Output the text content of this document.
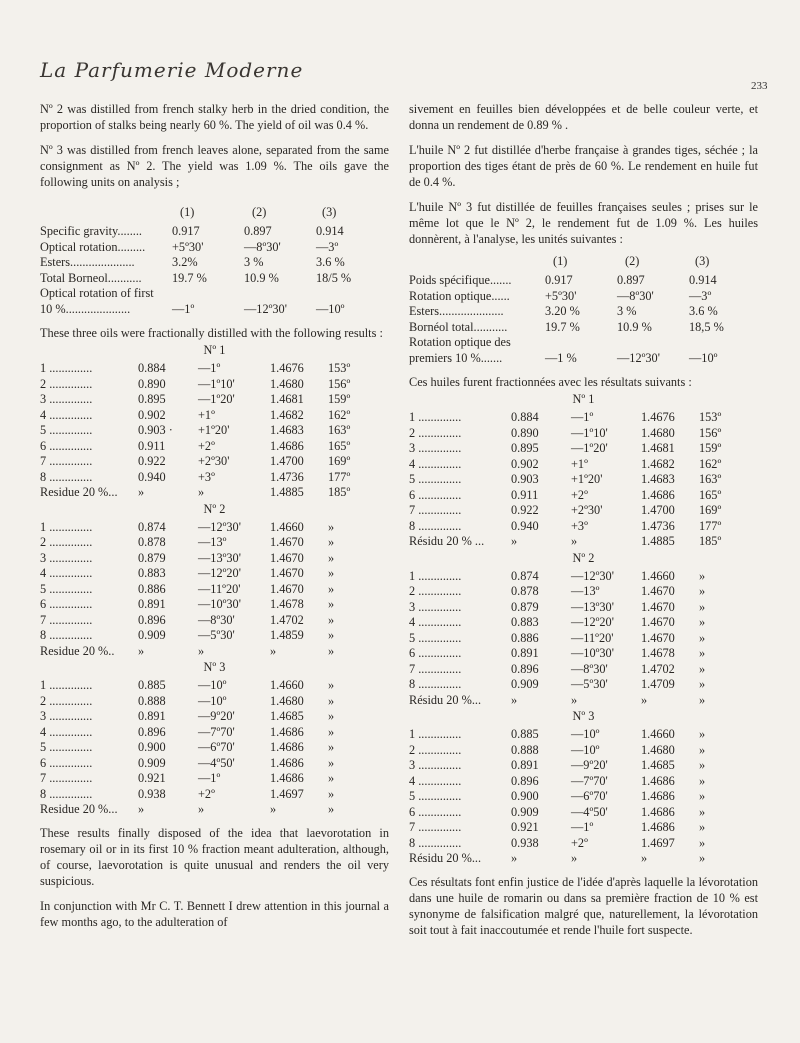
La Parfumerie Moderne
233

Nº 2 was distilled from french stalky herb in the dried condition, the proportion of stalks being nearly 60 %. The yield of oil was 0.4 %.

Nº 3 was distilled from french leaves alone, separated from the same consignment as Nº 2. The yield was 1.09 %. The oils gave the following units on analysis ;

(1)	(2)	(3)
Specific gravity........ 0.917	0.897	0.914
Optical rotation......... +5º30'	—8º30'	—3º
Esters.....................	3.2%	3 %	3.6 %
Total Borneol........... 19.7 %	10.9 %	18/5 %
Optical rotation of first
10 %.....................	—1º	—12º30' —10º

These three oils were fractionally distilled with the following results :

Nº 1
1 ..............	0.884	—1º	1.4676 153º
2 ..............	0.890	—1º10'	1.4680 156º
3 ..............	0.895	—1º20'	1.4681 159º
4 ..............	0.902	+1º	1.4682 162º
5 ..............	0.903 · +1º20'	1.4683 163º
6 ..............	0.911	+2º	1.4686 165º
7 ..............	0.922	+2º30'	1.4700 169º
8 ..............	0.940	+3º	1.4736 177º
Residue 20 %... »	»	1.4885 185º
Nº 2
1 ..............	0.874	—12º30' 1.4660 »
2 ..............	0.878	—13º	1.4670 »
3 ..............	0.879	—13º30' 1.4670 »
4 ..............	0.883	—12º20' 1.4670 »
5 ..............	0.886	—11º20' 1.4670 »
6 ..............	0.891	—10º30' 1.4678 »
7 ..............	0.896	—8º30'	1.4702 »
8 ..............	0.909	—5º30'	1.4859 »
Residue 20 %.. »	»	»	»
Nº 3
1 ..............	0.885	—10º	1.4660 »
2 ..............	0.888	—10º	1.4680 »
3 ..............	0.891	—9º20'	1.4685 »
4 ..............	0.896	—7º70'	1.4686 »
5 ..............	0.900	—6º70'	1.4686 »
6 ..............	0.909	—4º50'	1.4686 »
7 ..............	0.921	—1º	1.4686 »
8 ..............	0.938	+2º	1.4697 »
Residue 20 %... »	»	»	»

These results finally disposed of the idea that laevorotation in rosemary oil or in its first 10 % fraction meant adulteration, although, of course, laevorotation is quite unusual and renders the oil very suspicious.

In conjunction with Mr C. T. Bennett I drew attention in this journal a few months ago, to the adulteration of

sivement en feuilles bien développées et de belle couleur verte, et donna un rendement de 0.89 % .

L'huile Nº 2 fut distillée d'herbe française à grandes tiges, séchée ; la proportion des tiges étant de près de 60 %. Le rendement en huile fut de 0.4 %.

L'huile Nº 3 fut distillée de feuilles françaises seules ; prises sur le même lot que le Nº 2, le rendement fut de 1.09 %. Les huiles donnèrent, à l'analyse, les unités suivantes :

(1)	(2)	(3)
Poids spécifique.......	0.917	0.897	0.914
Rotation optique......	+5º30'	—8º30'	—3º
Esters.....................	3.20 %	3 %	3.6 %
Bornéol total...........	19.7 %	10.9 %	18,5 %
Rotation optique des
premiers 10 %.......	—1 %	—12º30' —10º

Ces huiles furent fractionnées avec les résultats suivants :

Nº 1
1 ..............	0.884	—1º	1.4676 153º
2 ..............	0.890	—1º10'	1.4680 156º
3 ..............	0.895	—1º20'	1.4681 159º
4 ..............	0.902	+1º	1.4682 162º
5 ..............	0.903	+1º20'	1.4683 163º
6 ..............	0.911	+2º	1.4686 165º
7 ..............	0.922	+2º30'	1.4700 169º
8 ..............	0.940	+3º	1.4736 177º
Résidu 20 % ... »	»	1.4885 185º
Nº 2
1 ..............	0.874	—12º30' 1.4660 »
2 ..............	0.878	—13º	1.4670 »
3 ..............	0.879	—13º30' 1.4670 »
4 ..............	0.883	—12º20' 1.4670 »
5 ..............	0.886	—11º20' 1.4670 »
6 ..............	0.891	—10º30' 1.4678 »
7 ..............	0.896	—8º30'	1.4702 »
8 ..............	0.909	—5º30'	1.4709 »
Résidu 20 %... »	»	»	»
Nº 3
1 ..............	0.885	—10º	1.4660 »
2 ..............	0.888	—10º	1.4680 »
3 ..............	0.891	—9º20'	1.4685 »
4 ..............	0.896	—7º70'	1.4686 »
5 ..............	0.900	—6º70'	1.4686 »
6 ..............	0.909	—4º50'	1.4686 »
7 ..............	0.921	—1º	1.4686 »
8 ..............	0.938	+2º	1.4697 »
Résidu 20 %... »	»	»	»

Ces résultats font enfin justice de l'idée d'après laquelle la lévorotation dans une huile de romarin ou dans sa première fraction de 10 % est synonyme de falsification malgré que, naturellement, la lévorotation soit tout à fait inaccoutumée et rende l'huile fort suspecte.
